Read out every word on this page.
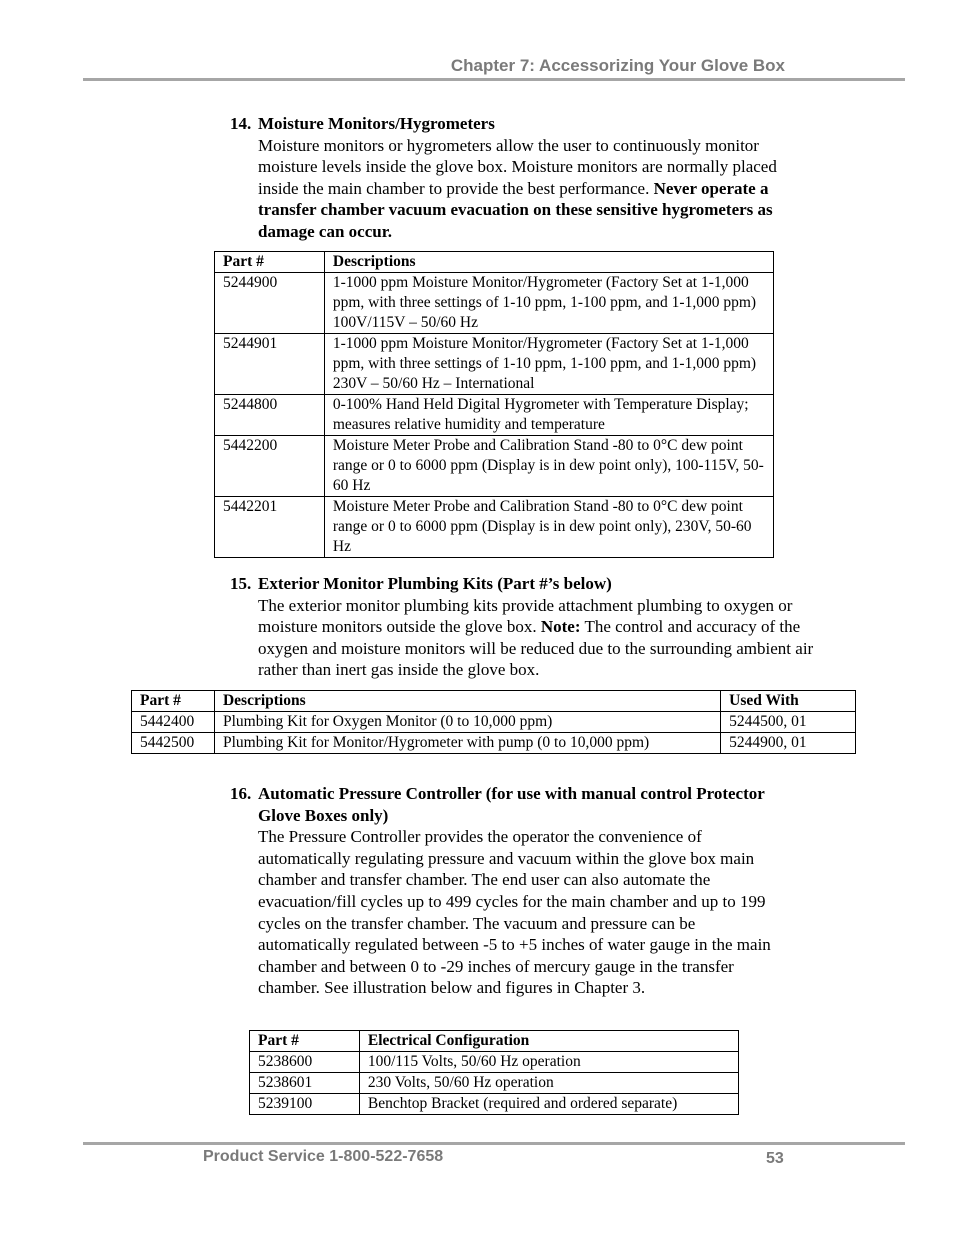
Chapter 7: Accessorizing Your Glove Box
14. Moisture Monitors/Hygrometers

Moisture monitors or hygrometers allow the user to continuously monitor moisture levels inside the glove box. Moisture monitors are normally placed inside the main chamber to provide the best performance. Never operate a transfer chamber vacuum evacuation on these sensitive hygrometers as damage can occur.

Part #	Descriptions
5244900	1-1000 ppm Moisture Monitor/Hygrometer (Factory Set at 1-1,000 ppm, with three settings of 1-10 ppm, 1-100 ppm, and 1-1,000 ppm) 100V/115V – 50/60 Hz
5244901	1-1000 ppm Moisture Monitor/Hygrometer (Factory Set at 1-1,000 ppm, with three settings of 1-10 ppm, 1-100 ppm, and 1-1,000 ppm) 230V – 50/60 Hz – International
5244800	0-100% Hand Held Digital Hygrometer with Temperature Display; measures relative humidity and temperature
5442200	Moisture Meter Probe and Calibration Stand -80 to 0°C dew point range or 0 to 6000 ppm (Display is in dew point only), 100-115V, 50-60 Hz
5442201	Moisture Meter Probe and Calibration Stand -80 to 0°C dew point range or 0 to 6000 ppm (Display is in dew point only), 230V, 50-60 Hz
15. Exterior Monitor Plumbing Kits (Part #’s below)

The exterior monitor plumbing kits provide attachment plumbing to oxygen or moisture monitors outside the glove box. Note: The control and accuracy of the oxygen and moisture monitors will be reduced due to the surrounding ambient air rather than inert gas inside the glove box.

Part #	Descriptions	Used With
5442400	Plumbing Kit for Oxygen Monitor (0 to 10,000 ppm)	5244500, 01
5442500	Plumbing Kit for Monitor/Hygrometer with pump (0 to 10,000 ppm)	5244900, 01
16. Automatic Pressure Controller (for use with manual control Protector Glove Boxes only)

The Pressure Controller provides the operator the convenience of automatically regulating pressure and vacuum within the glove box main chamber and transfer chamber. The end user can also automate the evacuation/fill cycles up to 499 cycles for the main chamber and up to 199 cycles on the transfer chamber. The vacuum and pressure can be automatically regulated between -5 to +5 inches of water gauge in the main chamber and between 0 to -29 inches of mercury gauge in the transfer chamber. See illustration below and figures in Chapter 3.

Part #	Electrical Configuration
5238600	100/115 Volts, 50/60 Hz operation
5238601	230 Volts, 50/60 Hz operation
5239100	Benchtop Bracket (required and ordered separate)
Product Service 1-800-522-7658	53
